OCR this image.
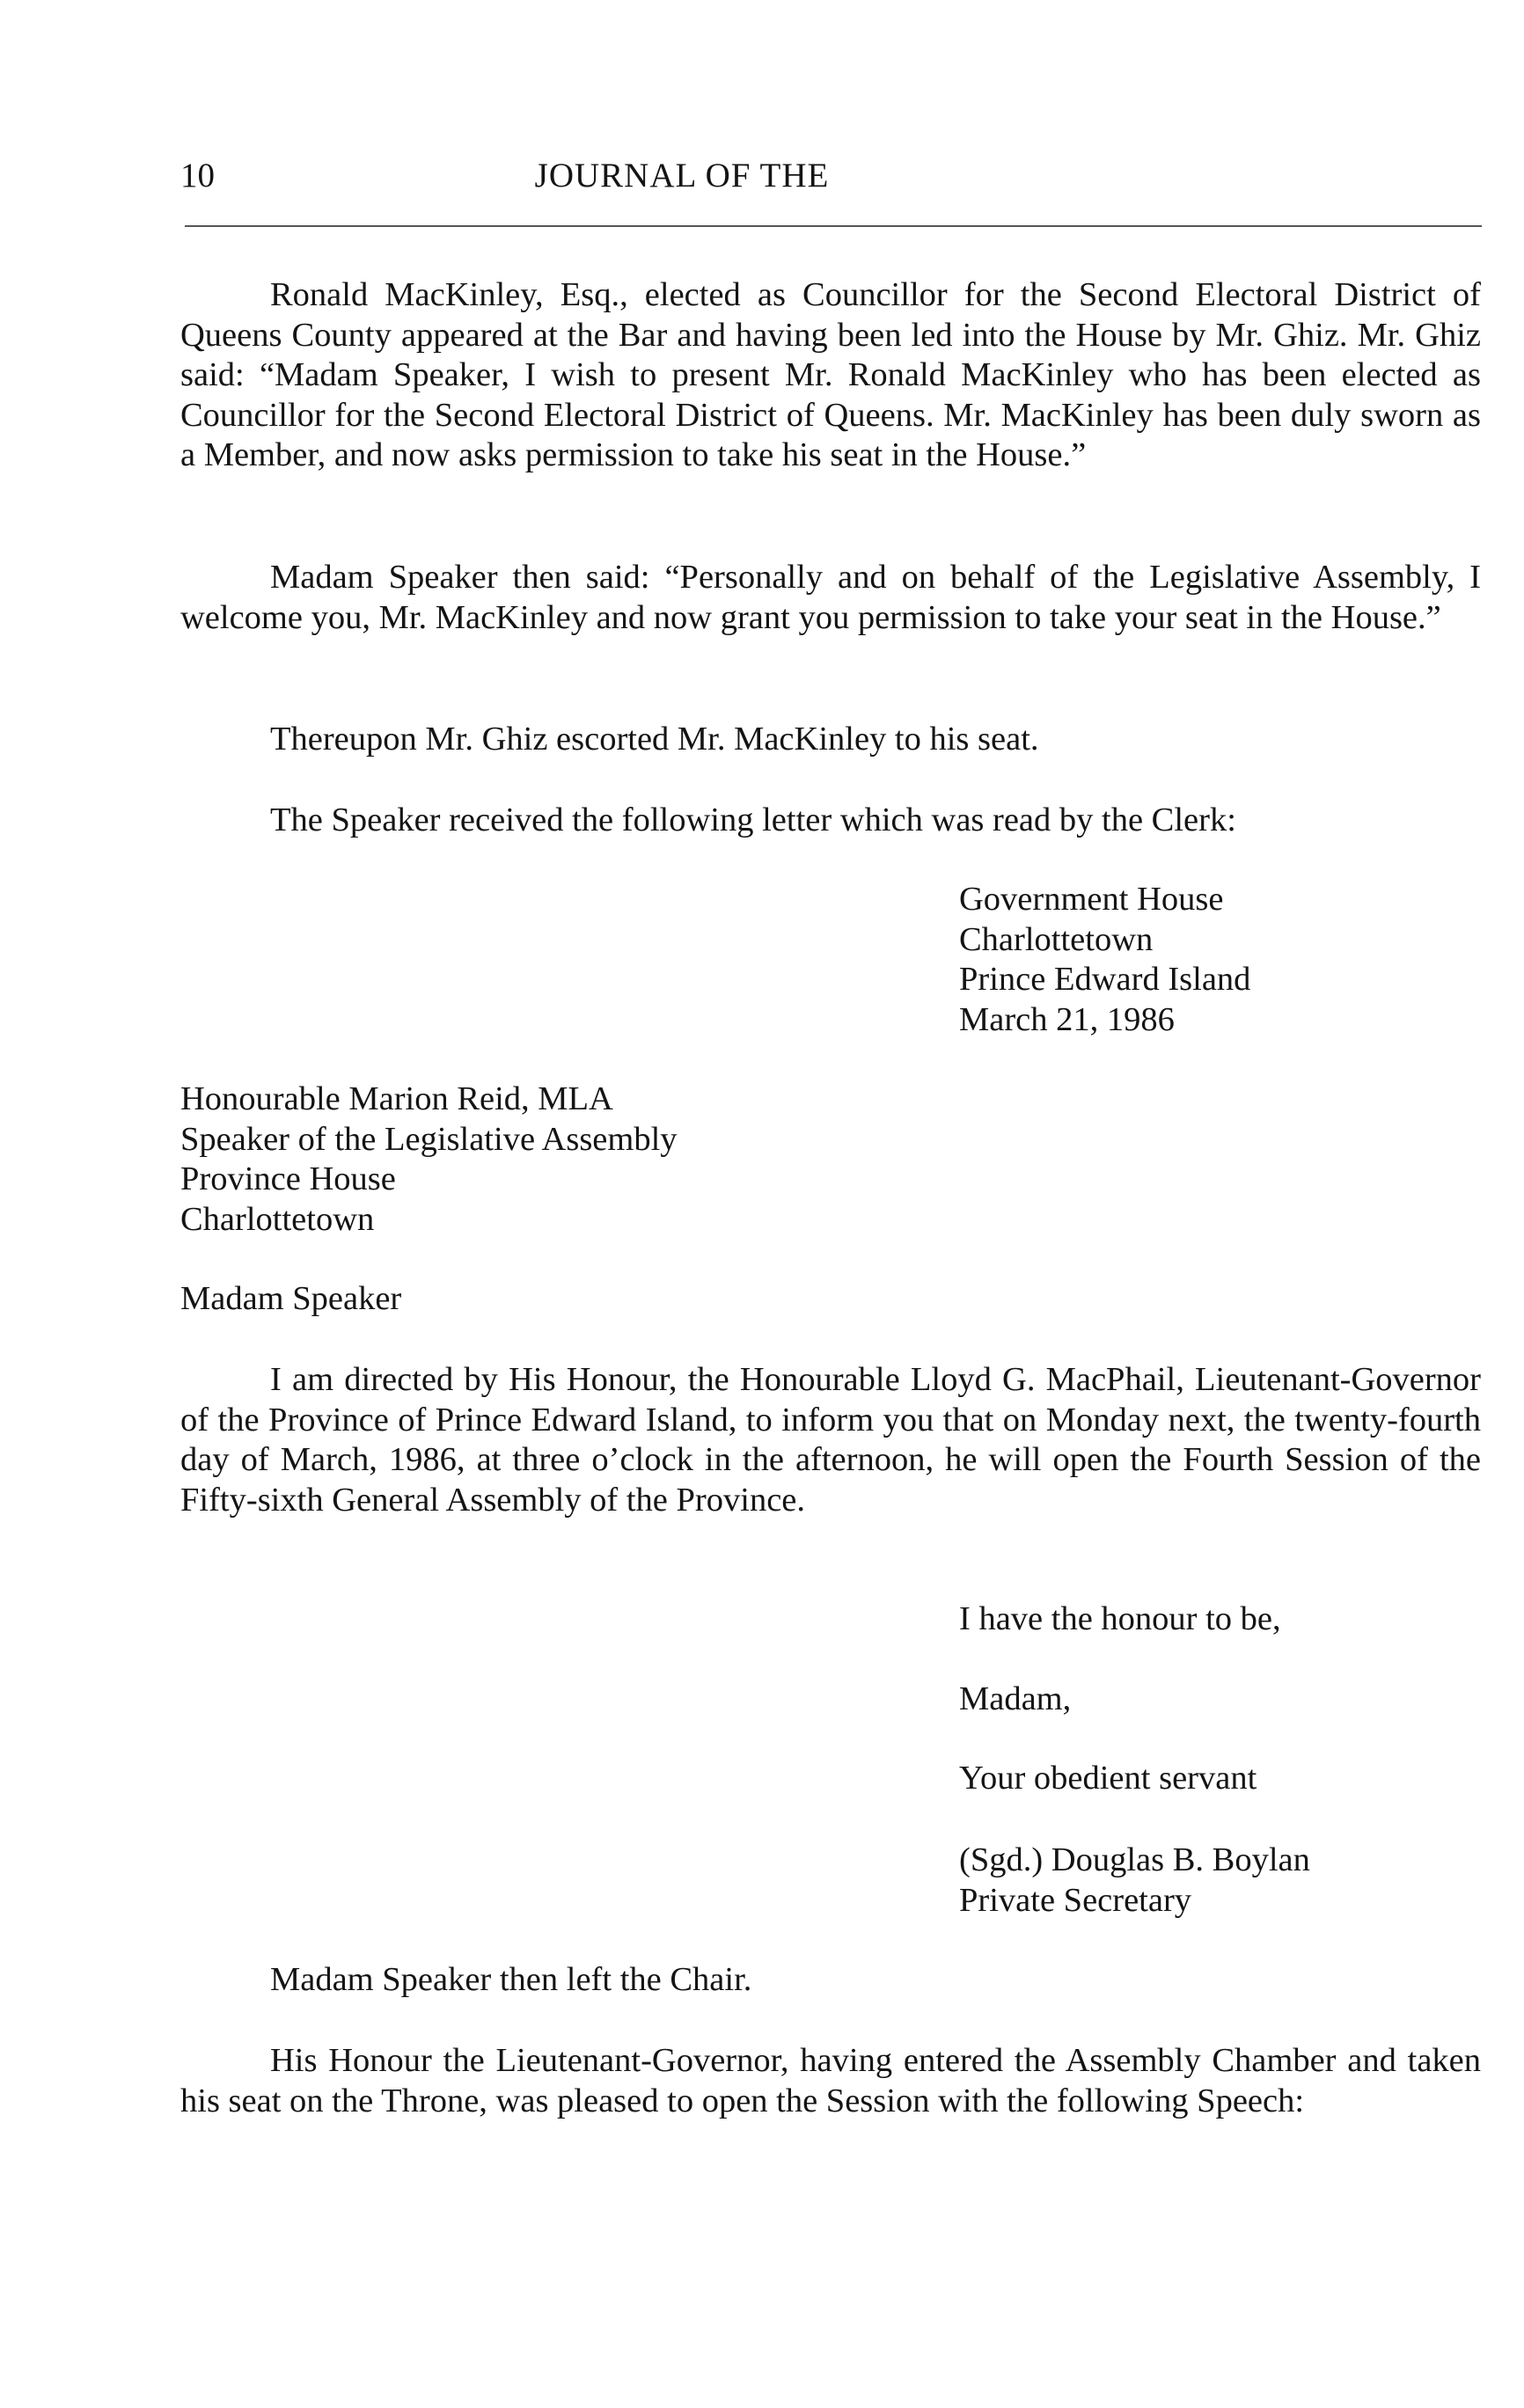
10	JOURNAL OF THE

Ronald MacKinley, Esq., elected as Councillor for the Second Electoral District of Queens County appeared at the Bar and having been led into the House by Mr. Ghiz. Mr. Ghiz said: “Madam Speaker, I wish to present Mr. Ronald MacKinley who has been elected as Councillor for the Second Electoral District of Queens. Mr. MacKinley has been duly sworn as a Member, and now asks permission to take his seat in the House.”

Madam Speaker then said: “Personally and on behalf of the Legislative Assembly, I welcome you, Mr. MacKinley and now grant you permission to take your seat in the House.”

Thereupon Mr. Ghiz escorted Mr. MacKinley to his seat.

The Speaker received the following letter which was read by the Clerk:

Government House

Charlottetown

Prince Edward Island

March 21, 1986

Honourable Marion Reid, MLA

Speaker of the Legislative Assembly

Province House

Charlottetown

Madam Speaker

I am directed by His Honour, the Honourable Lloyd G. MacPhail, Lieutenant-Governor of the Province of Prince Edward Island, to inform you that on Monday next, the twenty-fourth day of March, 1986, at three o’clock in the afternoon, he will open the Fourth Session of the Fifty-sixth General Assembly of the Province.

I have the honour to be,

Madam,

Your obedient servant

(Sgd.) Douglas B. Boylan

Private Secretary

Madam Speaker then left the Chair.

His Honour the Lieutenant-Governor, having entered the Assembly Chamber and taken his seat on the Throne, was pleased to open the Session with the following Speech:
